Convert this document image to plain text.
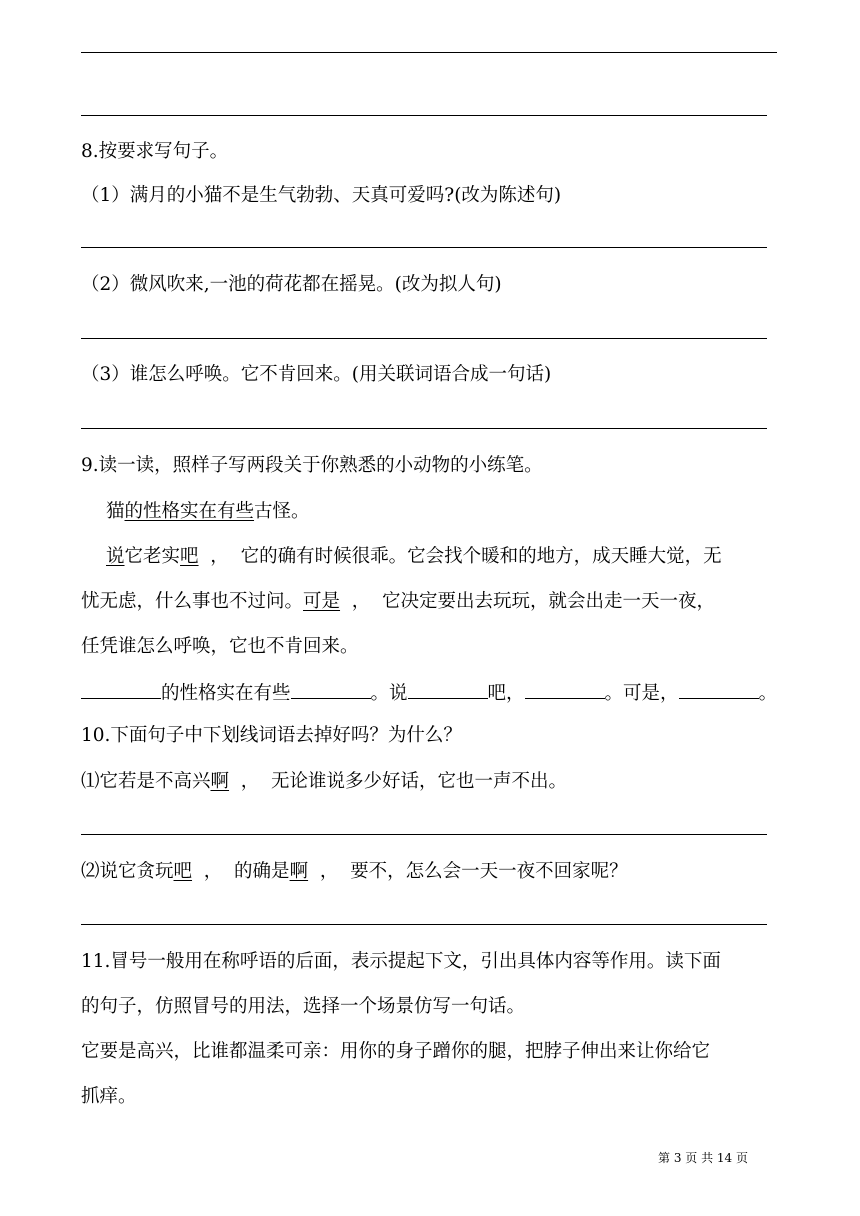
8.按要求写句子。
（1）满月的小猫不是生气勃勃、天真可爱吗?(改为陈述句)
（2）微风吹来,一池的荷花都在摇晃。(改为拟人句)
（3）谁怎么呼唤。它不肯回来。(用关联词语合成一句话)
9.读一读，照样子写两段关于你熟悉的小动物的小练笔。
猫的性格实在有些古怪。
说它老实吧  ，  它的确有时候很乖。它会找个暖和的地方，成天睡大觉，无
忧无虑，什么事也不过问。可是  ，  它决定要出去玩玩，就会出走一天一夜，
任凭谁怎么呼唤，它也不肯回来。
的性格实在有些	。说	吧，	。可是，	。
10.下面句子中下划线词语去掉好吗？为什么？
⑴它若是不高兴啊  ，  无论谁说多少好话，它也一声不出。
⑵说它贪玩吧  ，  的确是啊  ，  要不，怎么会一天一夜不回家呢？
11.冒号一般用在称呼语的后面，表示提起下文，引出具体内容等作用。读下面
的句子，仿照冒号的用法，选择一个场景仿写一句话。
它要是高兴，比谁都温柔可亲：用你的身子蹭你的腿，把脖子伸出来让你给它
抓痒。
第 3 页 共 14 页
